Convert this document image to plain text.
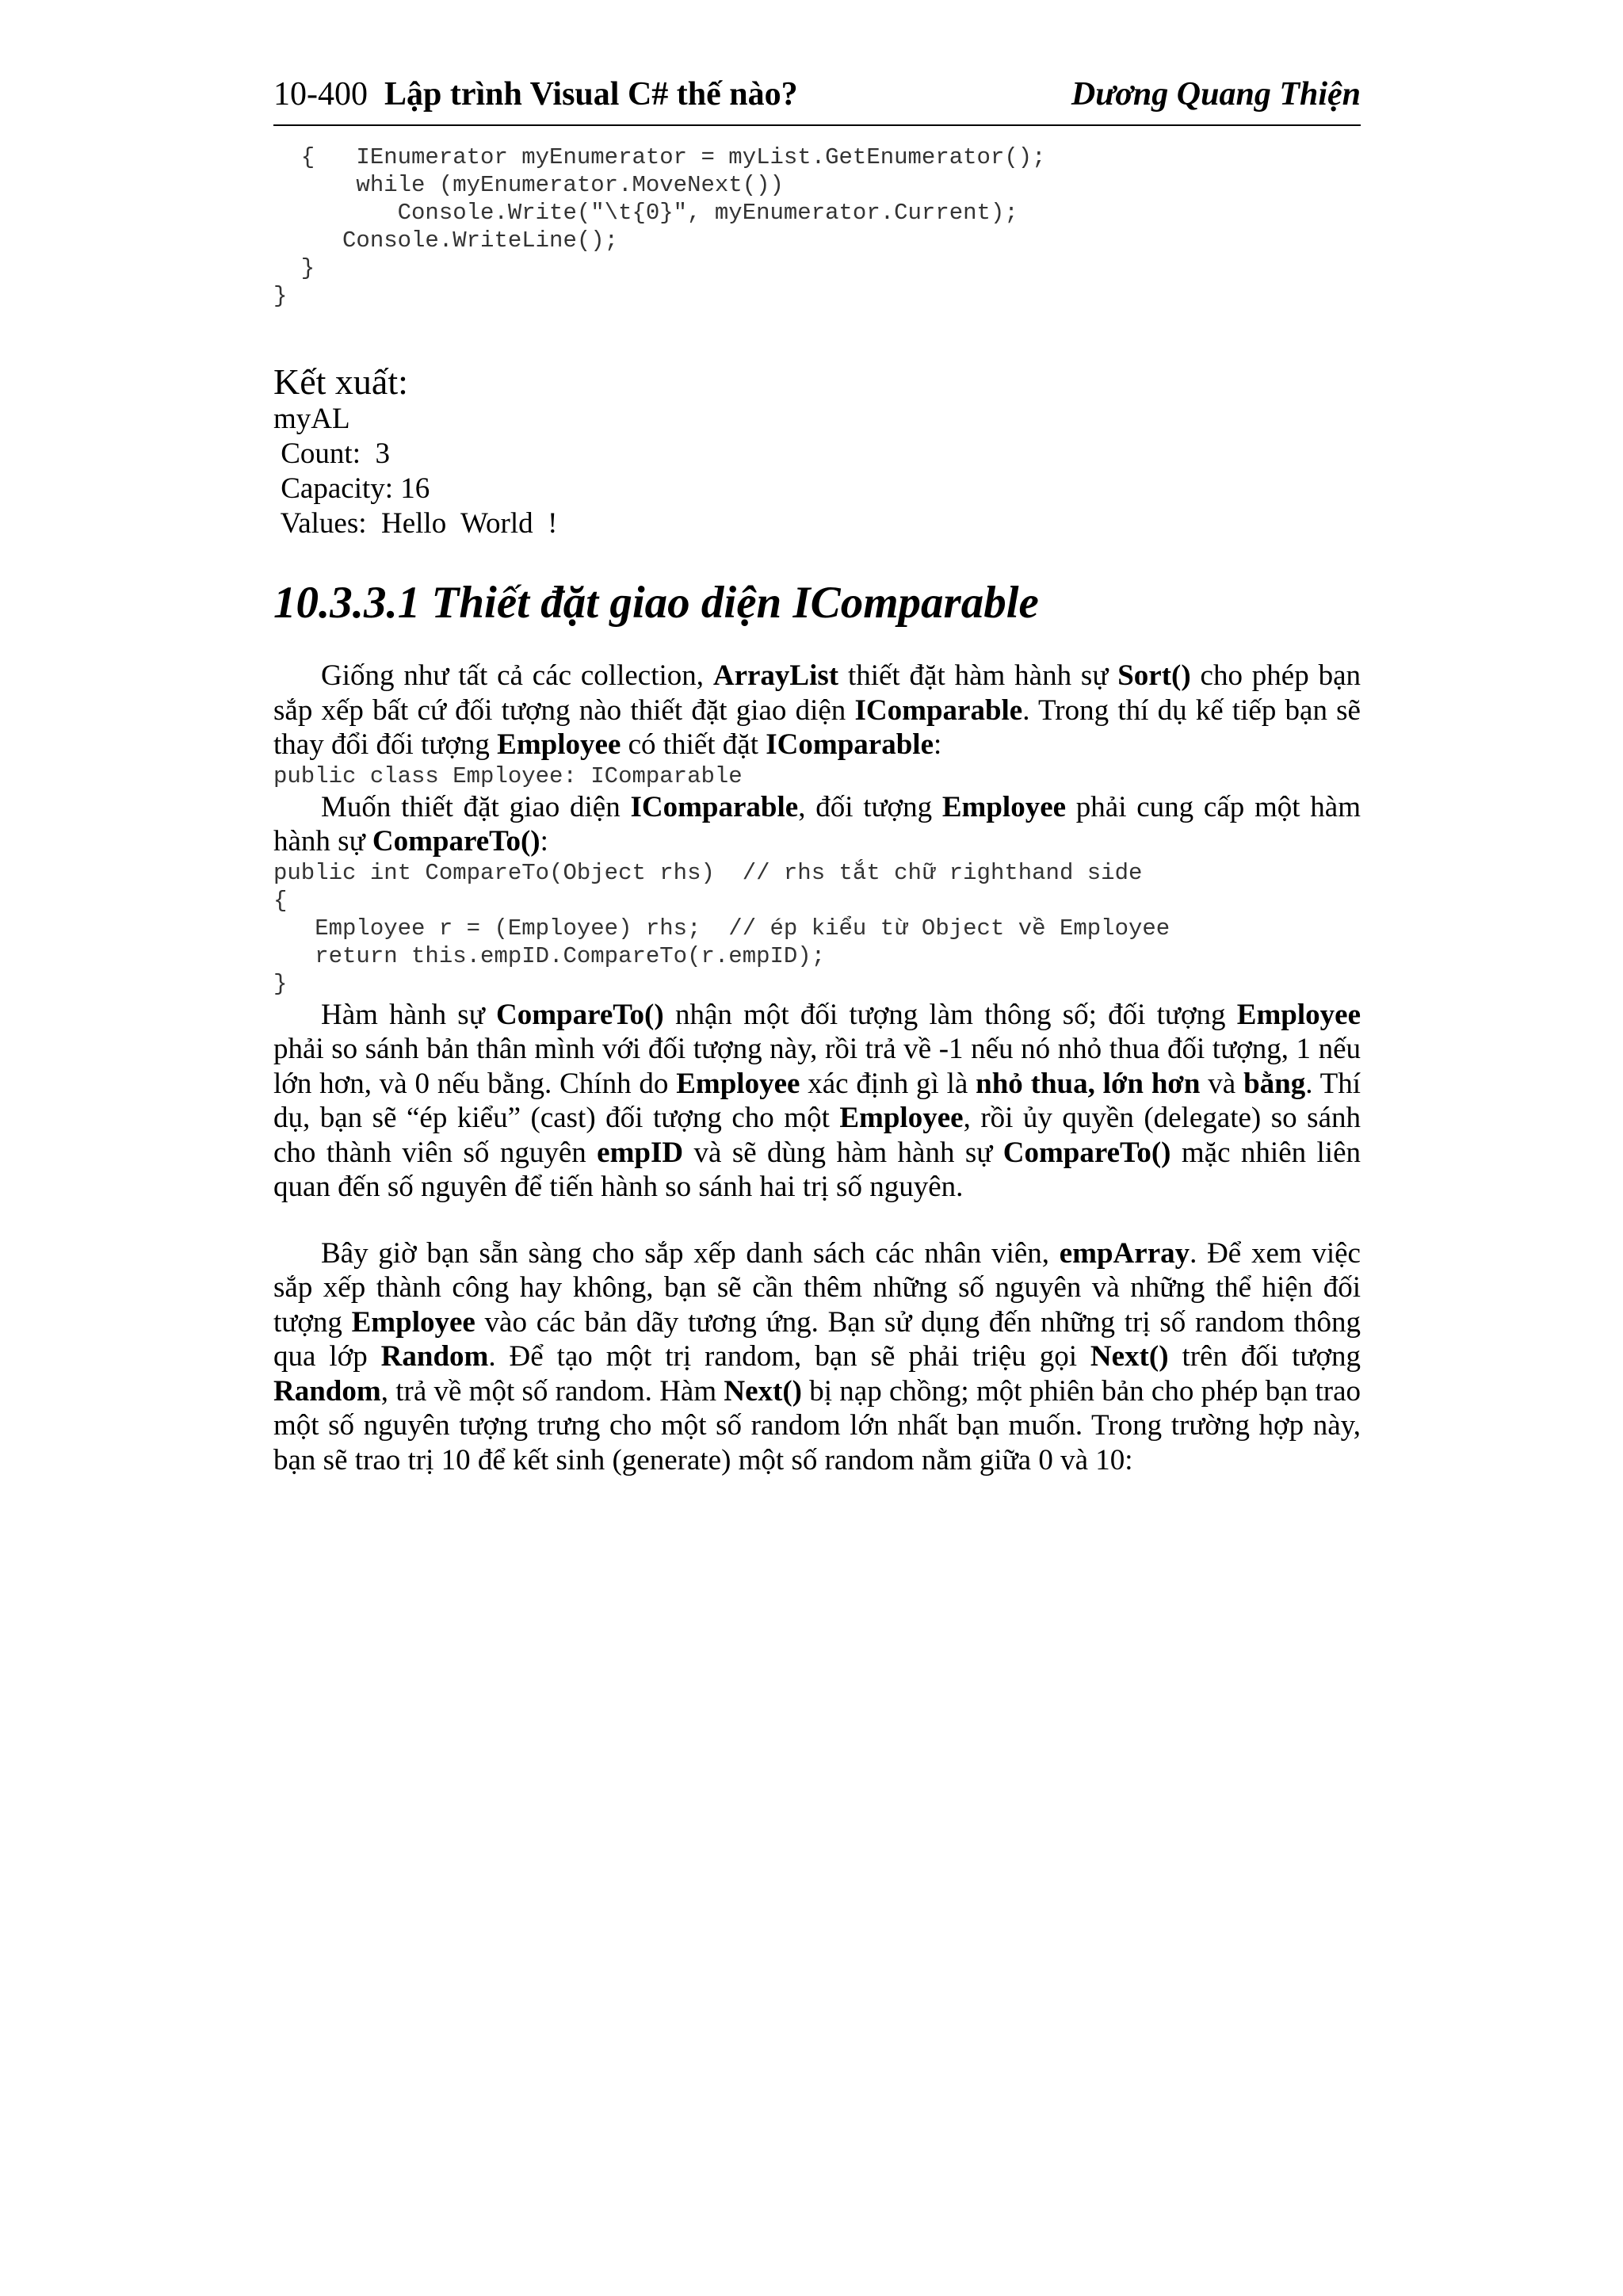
10-400 Lập trình Visual C# thế nào?	Dương Quang Thiện
{   IEnumerator myEnumerator = myList.GetEnumerator();
while (myEnumerator.MoveNext())
Console.Write("\t{0}", myEnumerator.Current);
Console.WriteLine();
}
}
Kết xuất:
myAL
Count:  3
Capacity: 16
Values:  Hello  World  !
10.3.3.1 Thiết đặt giao diện IComparable

Giống như tất cả các collection, ArrayList thiết đặt hàm hành sự Sort() cho phép bạn sắp xếp bất cứ đối tượng nào thiết đặt giao diện IComparable. Trong thí dụ kế tiếp bạn sẽ thay đổi đối tượng Employee có thiết đặt IComparable:

public class Employee: IComparable

Muốn thiết đặt giao diện IComparable, đối tượng Employee phải cung cấp một hàm hành sự CompareTo():

public int CompareTo(Object rhs)  // rhs tắt chữ righthand side
{
Employee r = (Employee) rhs;  // ép kiểu từ Object về Employee
return this.empID.CompareTo(r.empID);
}

Hàm hành sự CompareTo() nhận một đối tượng làm thông số; đối tượng Employee phải so sánh bản thân mình với đối tượng này, rồi trả về -1 nếu nó nhỏ thua đối tượng, 1 nếu lớn hơn, và 0 nếu bằng. Chính do Employee xác định gì là nhỏ thua, lớn hơn và bằng. Thí dụ, bạn sẽ “ép kiểu” (cast) đối tượng cho một Employee, rồi ủy quyền (delegate) so sánh cho thành viên số nguyên empID và sẽ dùng hàm hành sự CompareTo() mặc nhiên liên quan đến số nguyên để tiến hành so sánh hai trị số nguyên.

Bây giờ bạn sẵn sàng cho sắp xếp danh sách các nhân viên, empArray. Để xem việc sắp xếp thành công hay không, bạn sẽ cần thêm những số nguyên và những thể hiện đối tượng Employee vào các bản dãy tương ứng. Bạn sử dụng đến những trị số random thông qua lớp Random. Để tạo một trị random, bạn sẽ phải triệu gọi Next() trên đối tượng Random, trả về một số random. Hàm Next() bị nạp chồng; một phiên bản cho phép bạn trao một số nguyên tượng trưng cho một số random lớn nhất bạn muốn. Trong trường hợp này, bạn sẽ trao trị 10 để kết sinh (generate) một số random nằm giữa 0 và 10:
